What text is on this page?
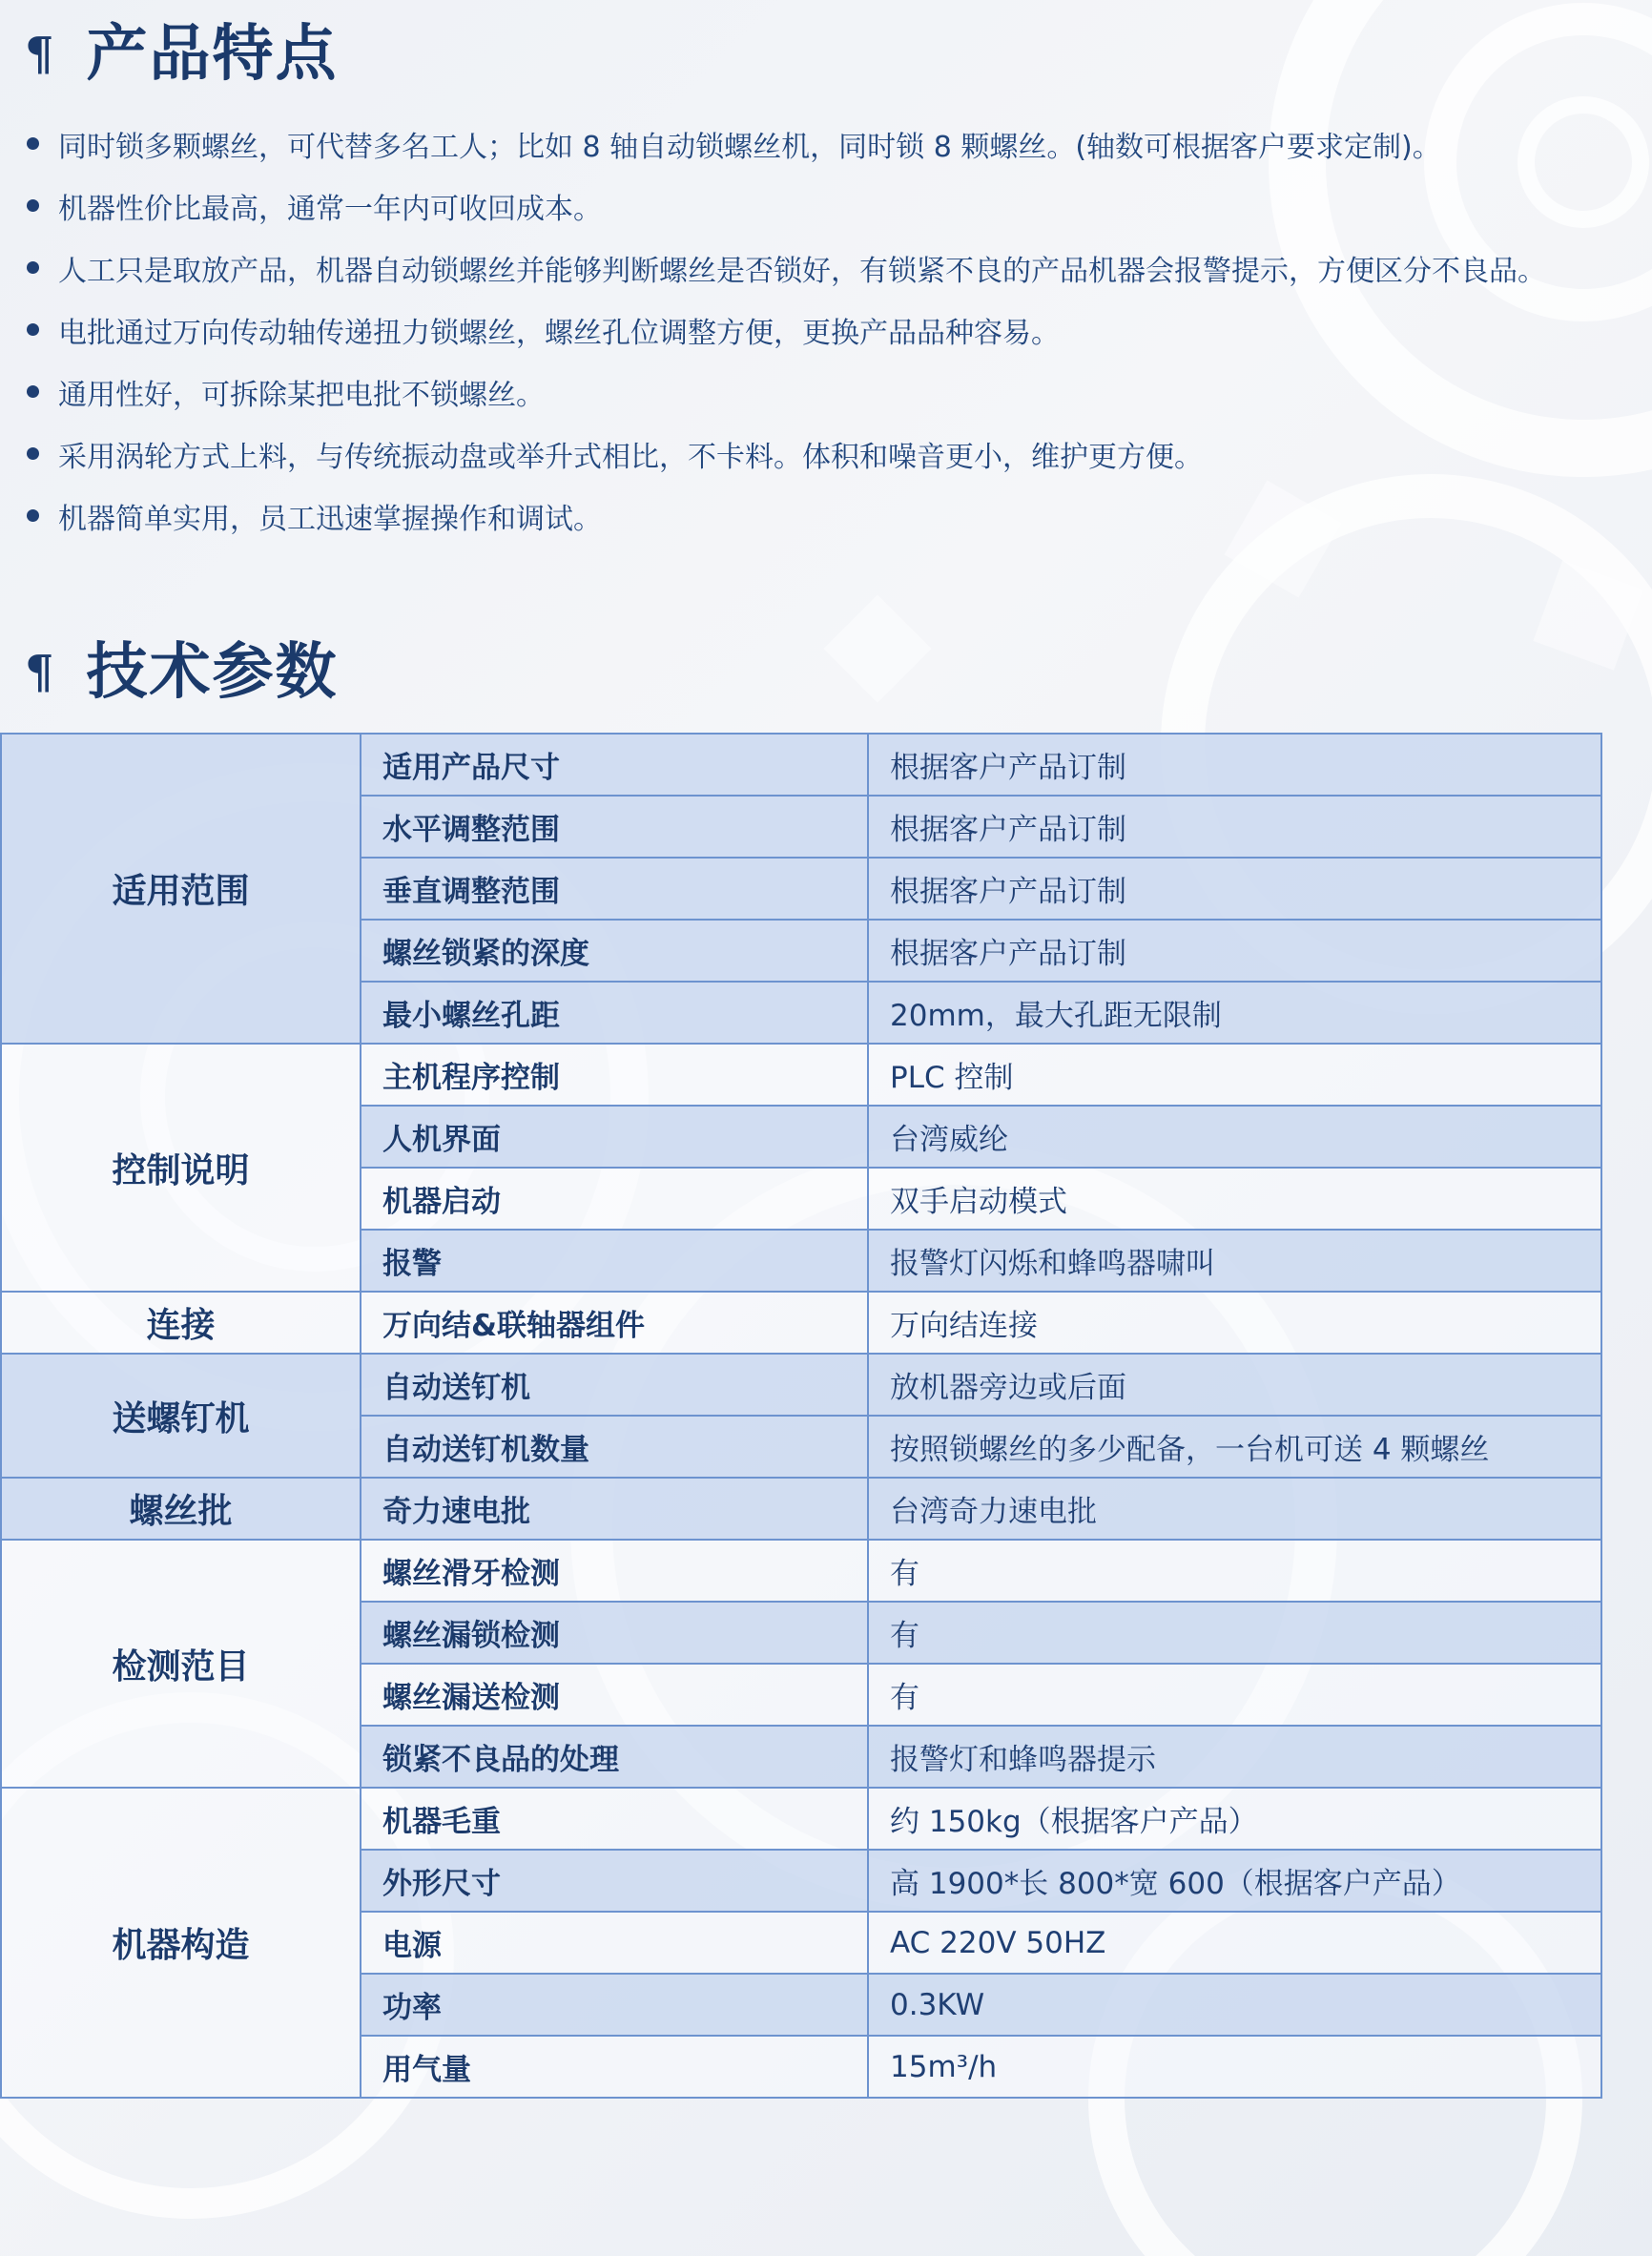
¶ 产品特点
同时锁多颗螺丝，可代替多名工人；比如 8 轴自动锁螺丝机，同时锁 8 颗螺丝。(轴数可根据客户要求定制)。
机器性价比最高，通常一年内可收回成本。
人工只是取放产品，机器自动锁螺丝并能够判断螺丝是否锁好，有锁紧不良的产品机器会报警提示，方便区分不良品。
电批通过万向传动轴传递扭力锁螺丝，螺丝孔位调整方便，更换产品品种容易。
通用性好，可拆除某把电批不锁螺丝。
采用涡轮方式上料，与传统振动盘或举升式相比，不卡料。体积和噪音更小，维护更方便。
机器简单实用，员工迅速掌握操作和调试。
¶ 技术参数
适用范围	适用产品尺寸	根据客户产品订制
	水平调整范围	根据客户产品订制
	垂直调整范围	根据客户产品订制
	螺丝锁紧的深度	根据客户产品订制
	最小螺丝孔距	20mm，最大孔距无限制
控制说明	主机程序控制	PLC 控制
	人机界面	台湾威纶
	机器启动	双手启动模式
	报警	报警灯闪烁和蜂鸣器啸叫
连接	万向结&联轴器组件	万向结连接
送螺钉机	自动送钉机	放机器旁边或后面
	自动送钉机数量	按照锁螺丝的多少配备，一台机可送 4 颗螺丝
螺丝批	奇力速电批	台湾奇力速电批
检测范目	螺丝滑牙检测	有
	螺丝漏锁检测	有
	螺丝漏送检测	有
	锁紧不良品的处理	报警灯和蜂鸣器提示
机器构造	机器毛重	约 150kg（根据客户产品）
	外形尺寸	高 1900*长 800*宽 600（根据客户产品）
	电源	AC 220V 50HZ
	功率	0.3KW
	用气量	15m³/h
